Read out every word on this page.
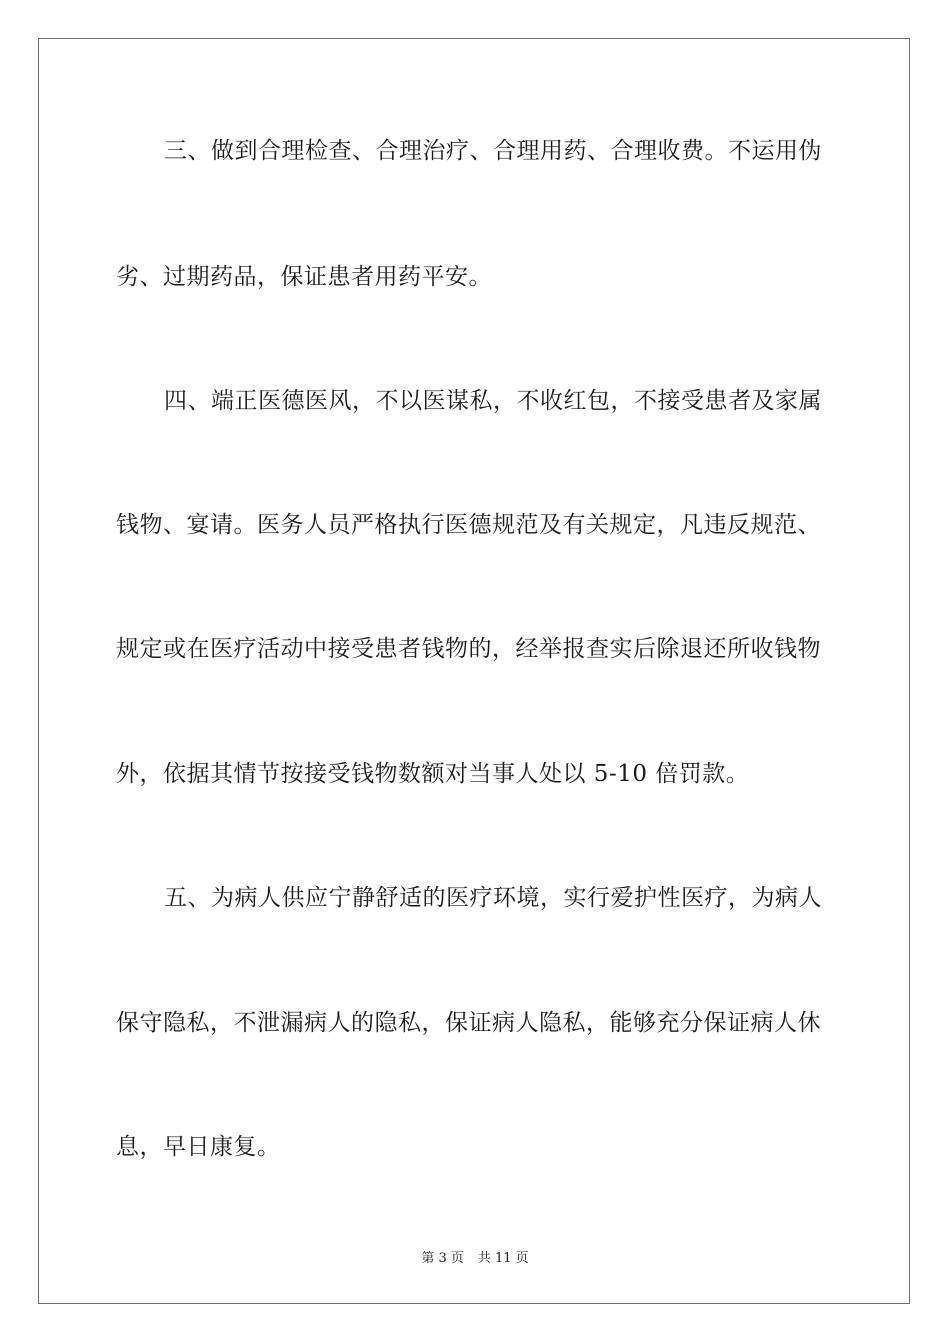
三、做到合理检查、合理治疗、合理用药、合理收费。不运用伪
劣、过期药品，保证患者用药平安。
四、端正医德医风，不以医谋私，不收红包，不接受患者及家属
钱物、宴请。医务人员严格执行医德规范及有关规定，凡违反规范、
规定或在医疗活动中接受患者钱物的，经举报查实后除退还所收钱物
外，依据其情节按接受钱物数额对当事人处以 5-10 倍罚款。
五、为病人供应宁静舒适的医疗环境，实行爱护性医疗，为病人
保守隐私，不泄漏病人的隐私，保证病人隐私，能够充分保证病人休
息，早日康复。
第 3 页 共 11 页
